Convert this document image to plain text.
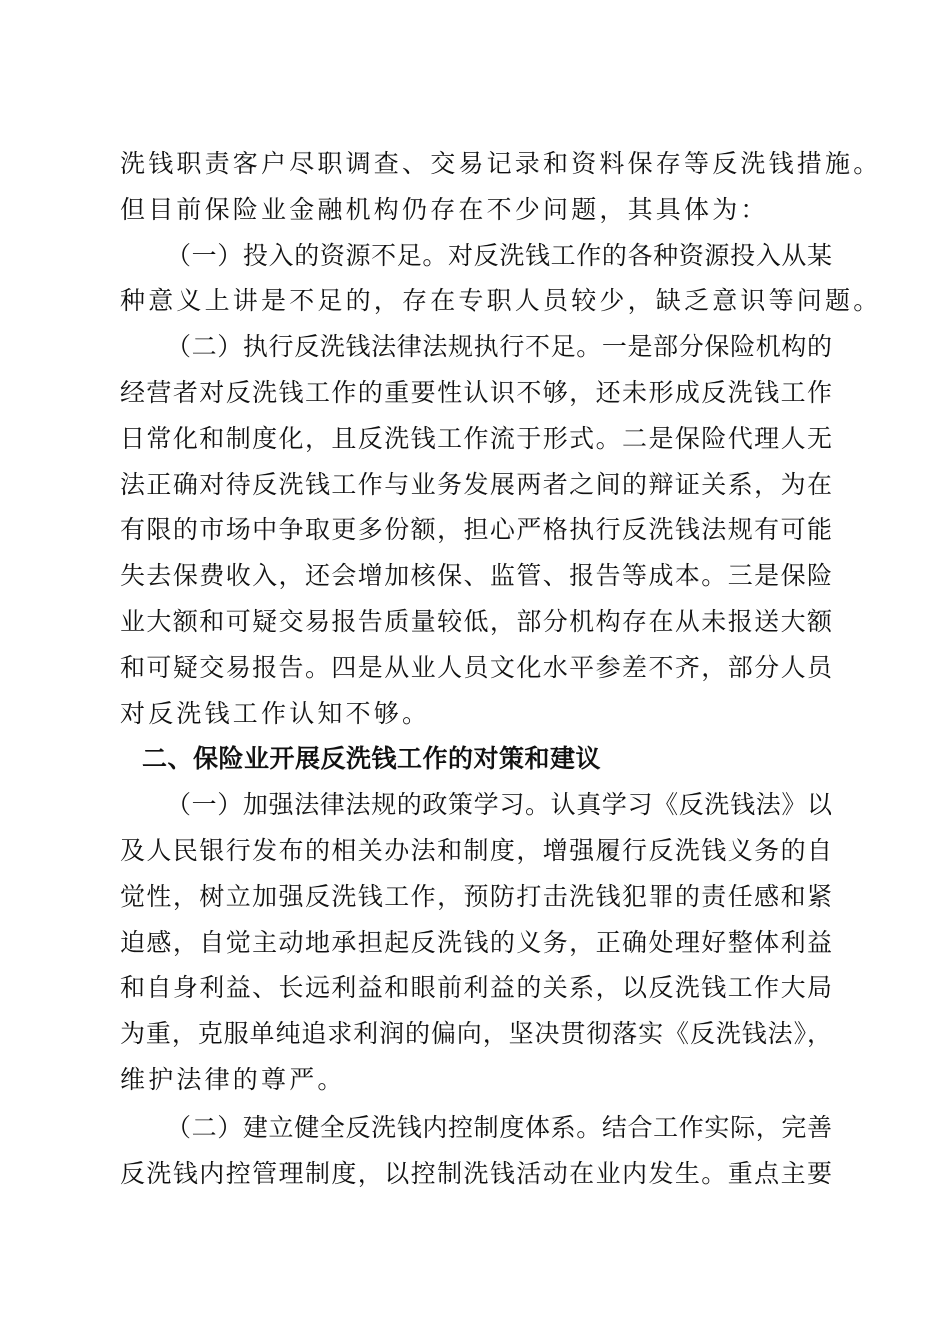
洗钱职责客户尽职调查、交易记录和资料保存等反洗钱措施。
但目前保险业金融机构仍存在不少问题，其具体为：
（一）投入的资源不足。对反洗钱工作的各种资源投入从某
种意义上讲是不足的，存在专职人员较少，缺乏意识等问题。
（二）执行反洗钱法律法规执行不足。一是部分保险机构的
经营者对反洗钱工作的重要性认识不够，还未形成反洗钱工作
日常化和制度化，且反洗钱工作流于形式。二是保险代理人无
法正确对待反洗钱工作与业务发展两者之间的辩证关系，为在
有限的市场中争取更多份额，担心严格执行反洗钱法规有可能
失去保费收入，还会增加核保、监管、报告等成本。三是保险
业大额和可疑交易报告质量较低，部分机构存在从未报送大额
和可疑交易报告。四是从业人员文化水平参差不齐，部分人员
对反洗钱工作认知不够。
二、保险业开展反洗钱工作的对策和建议
（一）加强法律法规的政策学习。认真学习《反洗钱法》以
及人民银行发布的相关办法和制度，增强履行反洗钱义务的自
觉性，树立加强反洗钱工作，预防打击洗钱犯罪的责任感和紧
迫感，自觉主动地承担起反洗钱的义务，正确处理好整体利益
和自身利益、长远利益和眼前利益的关系，以反洗钱工作大局
为重，克服单纯追求利润的偏向，坚决贯彻落实《反洗钱法》，
维护法律的尊严。
（二）建立健全反洗钱内控制度体系。结合工作实际，完善
反洗钱内控管理制度，以控制洗钱活动在业内发生。重点主要
